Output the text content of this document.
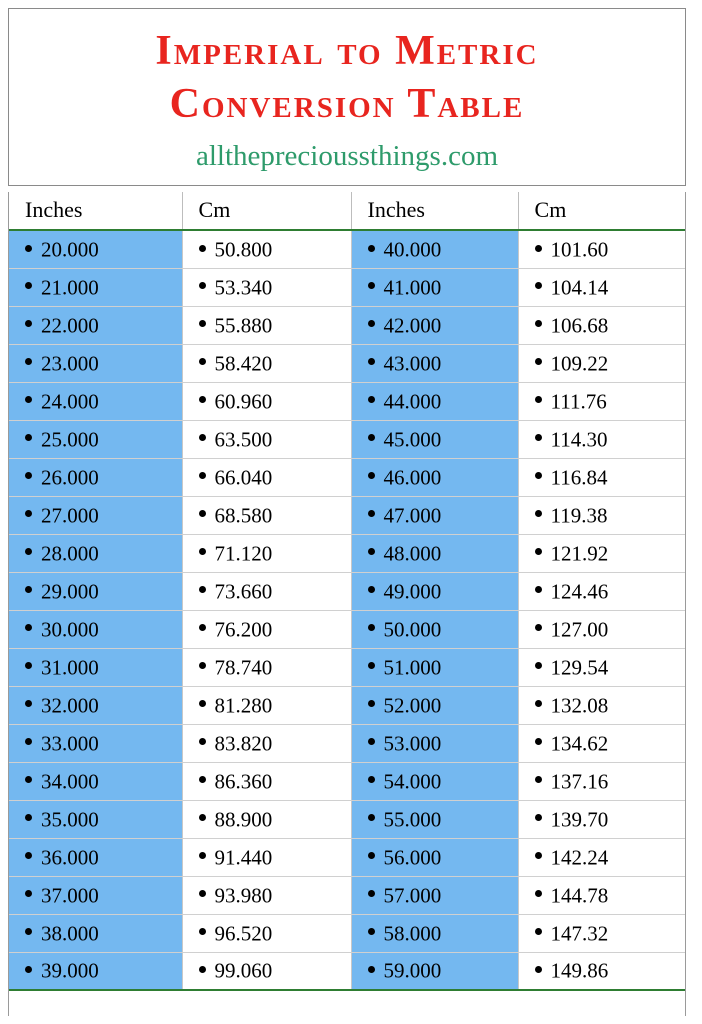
Imperial to Metric
Conversion Table
alltheprecioussthings.com
Inches	Cm	Inches	Cm
20.000	50.800	40.000	101.60
21.000	53.340	41.000	104.14
22.000	55.880	42.000	106.68
23.000	58.420	43.000	109.22
24.000	60.960	44.000	111.76
25.000	63.500	45.000	114.30
26.000	66.040	46.000	116.84
27.000	68.580	47.000	119.38
28.000	71.120	48.000	121.92
29.000	73.660	49.000	124.46
30.000	76.200	50.000	127.00
31.000	78.740	51.000	129.54
32.000	81.280	52.000	132.08
33.000	83.820	53.000	134.62
34.000	86.360	54.000	137.16
35.000	88.900	55.000	139.70
36.000	91.440	56.000	142.24
37.000	93.980	57.000	144.78
38.000	96.520	58.000	147.32
39.000	99.060	59.000	149.86
